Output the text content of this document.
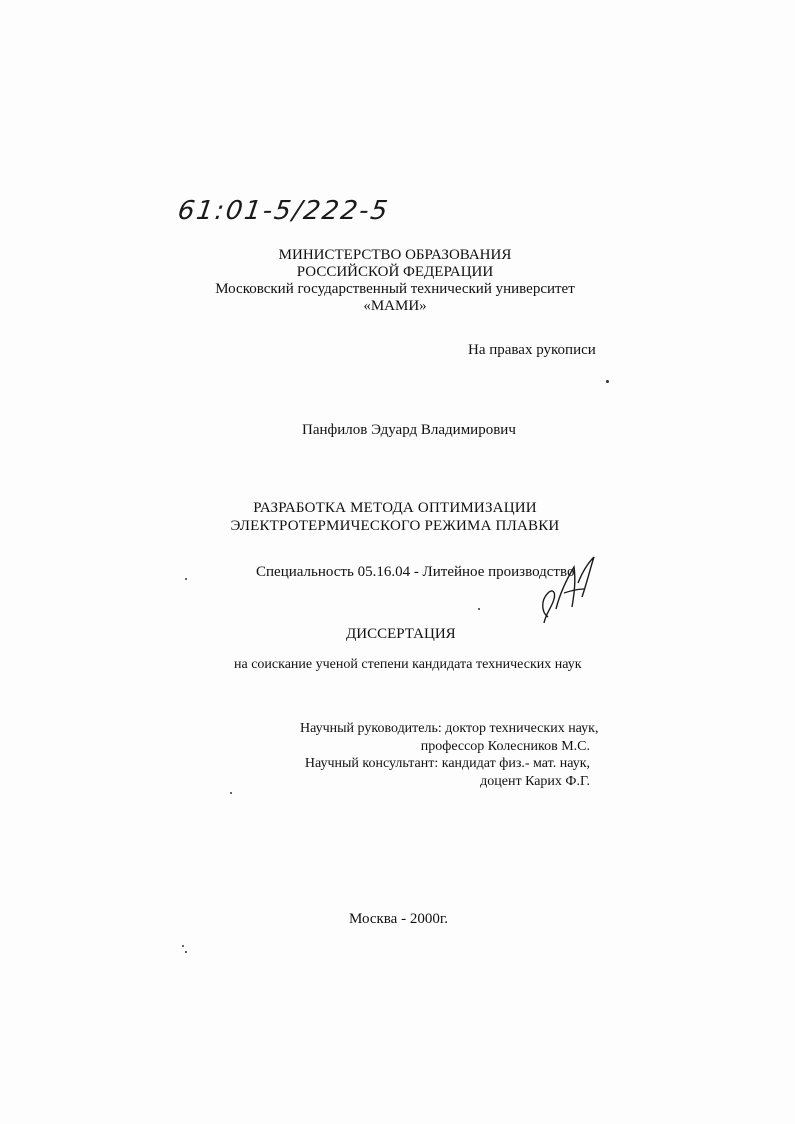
61:01-5/222-5
МИНИСТЕРСТВО ОБРАЗОВАНИЯ
РОССИЙСКОЙ ФЕДЕРАЦИИ
Московский государственный технический университет
«МАМИ»
На правах рукописи
Панфилов Эдуард Владимирович
РАЗРАБОТКА МЕТОДА ОПТИМИЗАЦИИ
ЭЛЕКТРОТЕРМИЧЕСКОГО РЕЖИМА ПЛАВКИ
Специальность 05.16.04 - Литейное производство
ДИССЕРТАЦИЯ
на соискание ученой степени кандидата технических наук
Научный руководитель: доктор технических наук,
профессор Колесников М.С.
Научный консультант: кандидат физ.- мат. наук,
доцент Карих Ф.Г.
Москва - 2000г.
